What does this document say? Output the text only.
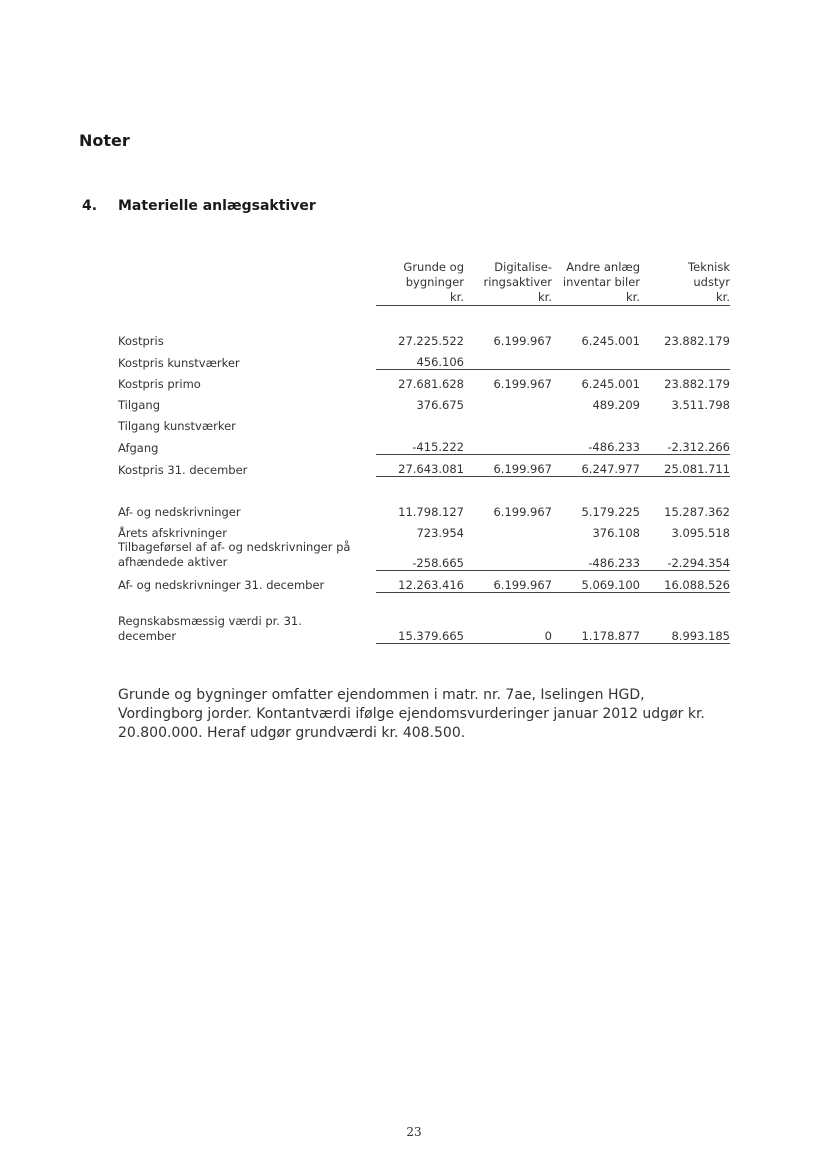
Noter
4. Materielle anlægsaktiver
	Grunde og	Digitalise-	Andre anlæg	Teknisk
	bygninger	ringsaktiver	inventar biler	udstyr
	kr.	kr.	kr.	kr.

Kostpris	27.225.522	6.199.967	6.245.001	23.882.179
Kostpris kunstværker	456.106			
Kostpris primo	27.681.628	6.199.967	6.245.001	23.882.179
Tilgang	376.675		489.209	3.511.798
Tilgang kunstværker				
Afgang	-415.222		-486.233	-2.312.266
Kostpris 31. december	27.643.081	6.199.967	6.247.977	25.081.711

Af- og nedskrivninger	11.798.127	6.199.967	5.179.225	15.287.362
Årets afskrivninger	723.954		376.108	3.095.518
Tilbageførsel af af- og nedskrivninger på
afhændede aktiver	-258.665		-486.233	-2.294.354
Af- og nedskrivninger 31. december	12.263.416	6.199.967	5.069.100	16.088.526

Regnskabsmæssig værdi pr. 31.
december	15.379.665	0	1.178.877	8.993.185
Grunde og bygninger omfatter ejendommen i matr. nr. 7ae, Iselingen HGD, Vordingborg jorder. Kontantværdi ifølge ejendomsvurderinger januar 2012 udgør kr. 20.800.000. Heraf udgør grundværdi kr. 408.500.
23
